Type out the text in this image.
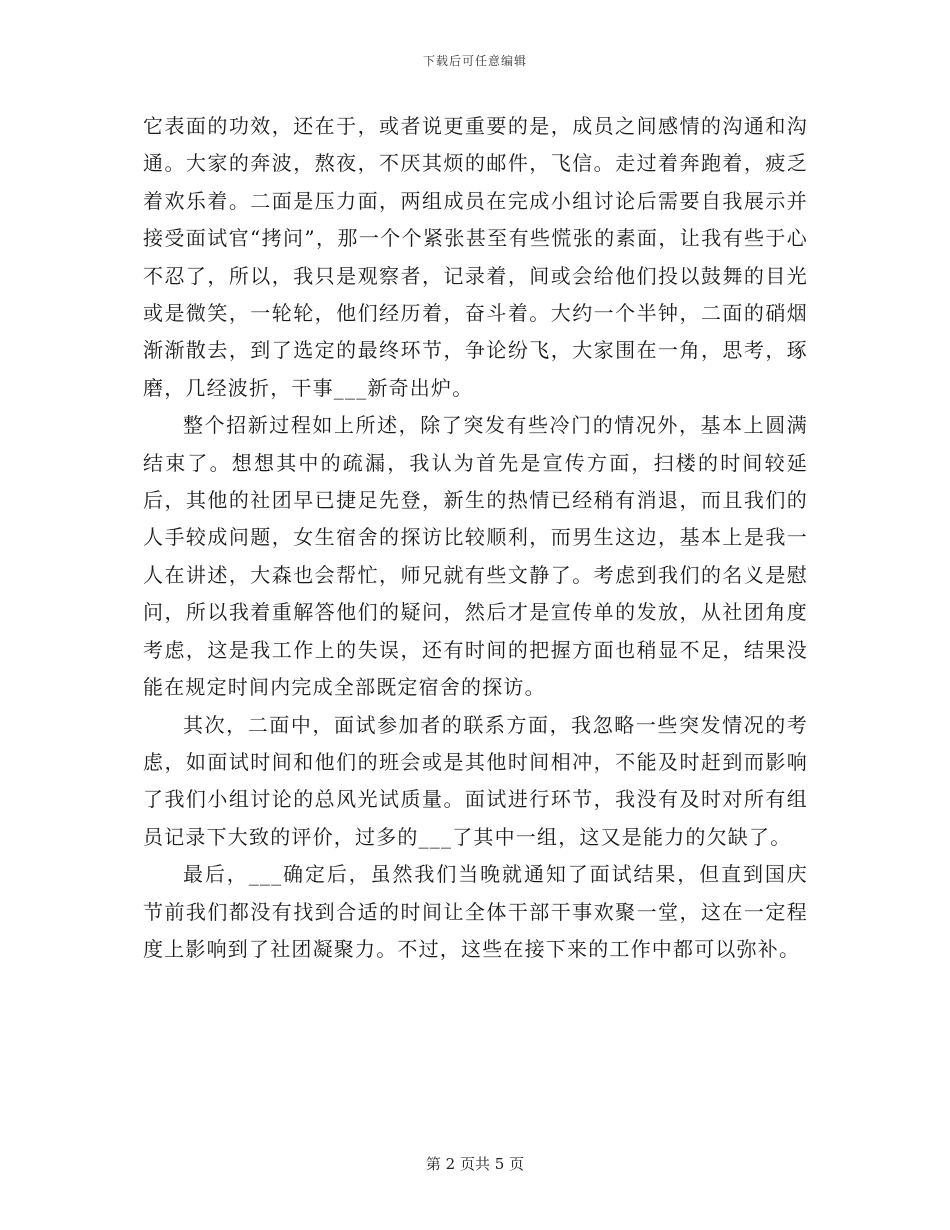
下载后可任意编辑

它表面的功效，还在于，或者说更重要的是，成员之间感情的沟通和沟通。大家的奔波，熬夜，不厌其烦的邮件，飞信。走过着奔跑着，疲乏着欢乐着。二面是压力面，两组成员在完成小组讨论后需要自我展示并接受面试官“拷问”，那一个个紧张甚至有些慌张的素面，让我有些于心不忍了，所以，我只是观察者，记录着，间或会给他们投以鼓舞的目光或是微笑，一轮轮，他们经历着，奋斗着。大约一个半钟，二面的硝烟渐渐散去，到了选定的最终环节，争论纷飞，大家围在一角，思考，琢磨，几经波折，干事___新奇出炉。

整个招新过程如上所述，除了突发有些冷门的情况外，基本上圆满结束了。想想其中的疏漏，我认为首先是宣传方面，扫楼的时间较延后，其他的社团早已捷足先登，新生的热情已经稍有消退，而且我们的人手较成问题，女生宿舍的探访比较顺利，而男生这边，基本上是我一人在讲述，大森也会帮忙，师兄就有些文静了。考虑到我们的名义是慰问，所以我着重解答他们的疑问，然后才是宣传单的发放，从社团角度考虑，这是我工作上的失误，还有时间的把握方面也稍显不足，结果没能在规定时间内完成全部既定宿舍的探访。

其次，二面中，面试参加者的联系方面，我忽略一些突发情况的考虑，如面试时间和他们的班会或是其他时间相冲，不能及时赶到而影响了我们小组讨论的总风光试质量。面试进行环节，我没有及时对所有组员记录下大致的评价，过多的___了其中一组，这又是能力的欠缺了。

最后，___确定后，虽然我们当晚就通知了面试结果，但直到国庆节前我们都没有找到合适的时间让全体干部干事欢聚一堂，这在一定程度上影响到了社团凝聚力。不过，这些在接下来的工作中都可以弥补。

第 2 页共 5 页
